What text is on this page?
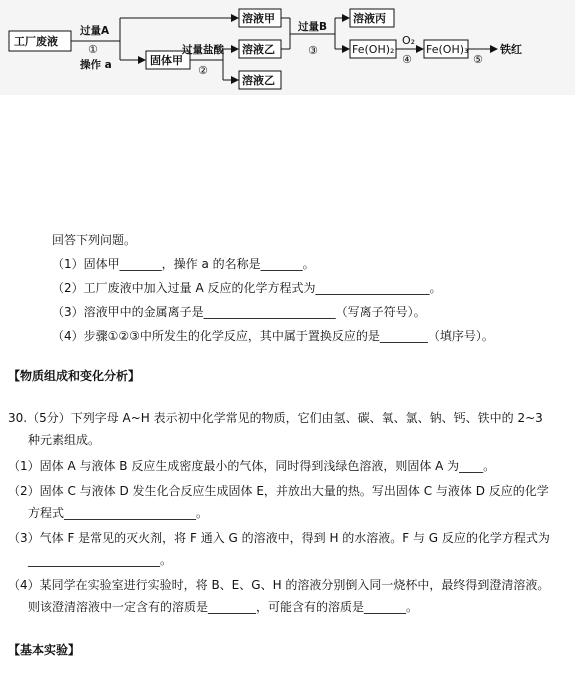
工厂废液
过量A
①
操作 a	固体甲
过量盐酸
②
溶液甲
溶液乙
溶液乙
过量B
③
溶液丙
Fe(OH)₂
O₂
④
Fe(OH)₃
⑤
铁红
回答下列问题。
（1）固体甲_______，操作 a 的名称是_______。
（2）工厂废液中加入过量 A 反应的化学方程式为___________________。
（3）溶液甲中的金属离子是______________________（写离子符号）。
（4）步骤①②③中所发生的化学反应，其中属于置换反应的是________（填序号）。
【物质组成和变化分析】
30.（5分）下列字母 A~H 表示初中化学常见的物质，它们由氢、碳、氧、氯、钠、钙、铁中的 2~3
种元素组成。
（1）固体 A 与液体 B 反应生成密度最小的气体，同时得到浅绿色溶液，则固体 A 为____。
（2）固体 C 与液体 D 发生化合反应生成固体 E，并放出大量的热。写出固体 C 与液体 D 反应的化学
方程式______________________。
（3）气体 F 是常见的灭火剂，将 F 通入 G 的溶液中，得到 H 的水溶液。F 与 G 反应的化学方程式为
______________________。
（4）某同学在实验室进行实验时，将 B、E、G、H 的溶液分别倒入同一烧杯中，最终得到澄清溶液。
则该澄清溶液中一定含有的溶质是________，可能含有的溶质是_______。
【基本实验】
